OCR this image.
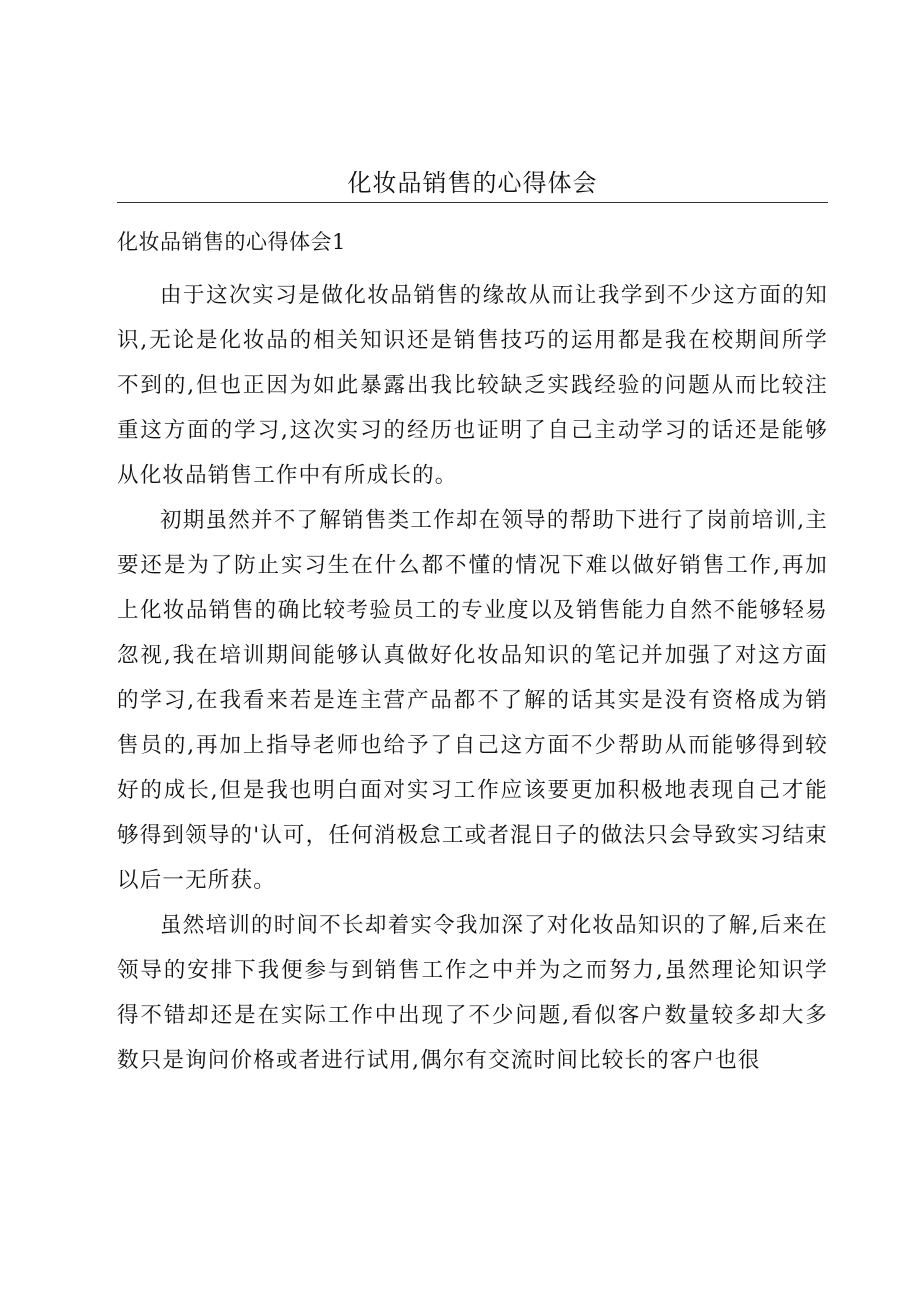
化妆品销售的心得体会
化妆品销售的心得体会1

由于这次实习是做化妆品销售的缘故从而让我学到不少这方面的知识,无论是化妆品的相关知识还是销售技巧的运用都是我在校期间所学不到的,但也正因为如此暴露出我比较缺乏实践经验的问题从而比较注重这方面的学习,这次实习的经历也证明了自己主动学习的话还是能够从化妆品销售工作中有所成长的。

初期虽然并不了解销售类工作却在领导的帮助下进行了岗前培训,主要还是为了防止实习生在什么都不懂的情况下难以做好销售工作,再加上化妆品销售的确比较考验员工的专业度以及销售能力自然不能够轻易忽视,我在培训期间能够认真做好化妆品知识的笔记并加强了对这方面的学习,在我看来若是连主营产品都不了解的话其实是没有资格成为销售员的,再加上指导老师也给予了自己这方面不少帮助从而能够得到较好的成长,但是我也明白面对实习工作应该要更加积极地表现自己才能够得到领导的'认可，任何消极怠工或者混日子的做法只会导致实习结束以后一无所获。

虽然培训的时间不长却着实令我加深了对化妆品知识的了解,后来在领导的安排下我便参与到销售工作之中并为之而努力,虽然理论知识学得不错却还是在实际工作中出现了不少问题,看似客户数量较多却大多数只是询问价格或者进行试用,偶尔有交流时间比较长的客户也很
